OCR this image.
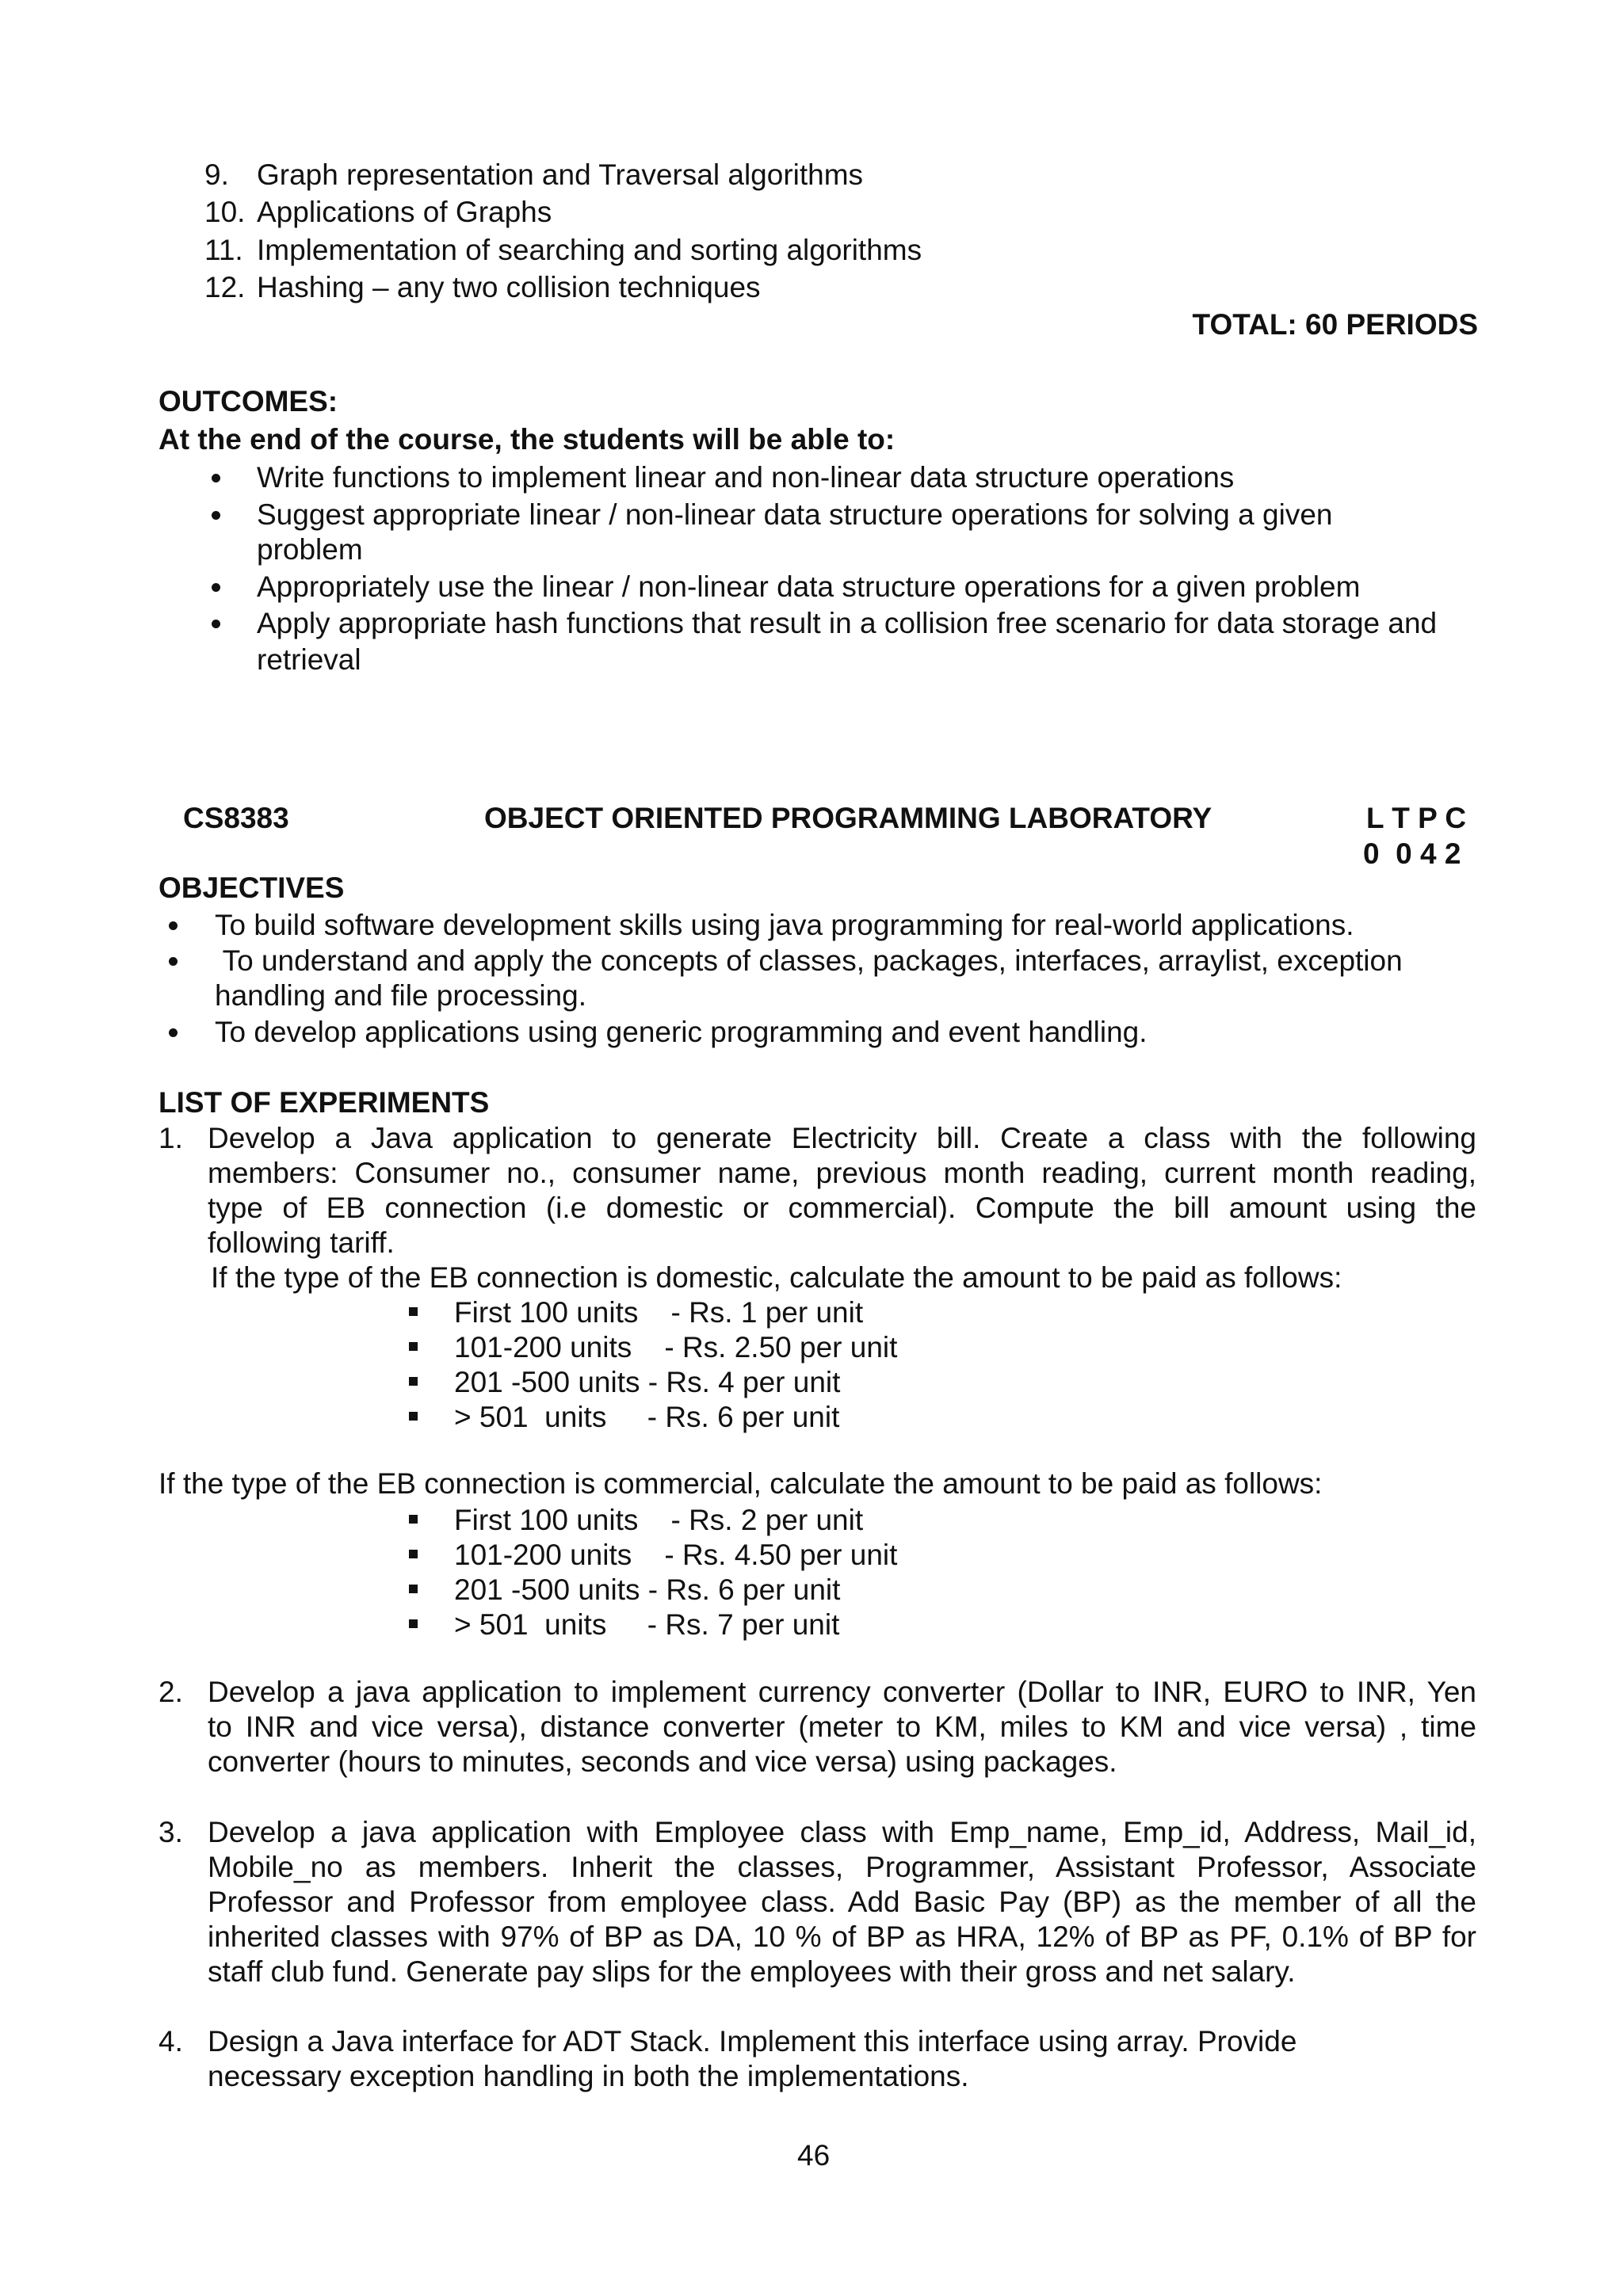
9. Graph representation and Traversal algorithms
10. Applications of Graphs
11. Implementation of searching and sorting algorithms
12. Hashing – any two collision techniques
TOTAL: 60 PERIODS
OUTCOMES:
At the end of the course, the students will be able to:
Write functions to implement linear and non-linear data structure operations
Suggest appropriate linear / non-linear data structure operations for solving a given
problem
Appropriately use the linear / non-linear data structure operations for a given problem
Apply appropriate hash functions that result in a collision free scenario for data storage and
retrieval
CS8383	OBJECT ORIENTED PROGRAMMING LABORATORY	L T P C
0  0 4 2
OBJECTIVES
To build software development skills using java programming for real-world applications.
To understand and apply the concepts of classes, packages, interfaces, arraylist, exception
handling and file processing.
To develop applications using generic programming and event handling.
LIST OF EXPERIMENTS
1. Develop a Java application to generate Electricity bill. Create a class with the following
members: Consumer no., consumer name, previous month reading, current month reading,
type of EB connection (i.e domestic or commercial). Compute the bill amount using the
following tariff.
If the type of the EB connection is domestic, calculate the amount to be paid as follows:
First 100 units    - Rs. 1 per unit
101-200 units    - Rs. 2.50 per unit
201 -500 units - Rs. 4 per unit
> 501  units     - Rs. 6 per unit
If the type of the EB connection is commercial, calculate the amount to be paid as follows:
First 100 units    - Rs. 2 per unit
101-200 units    - Rs. 4.50 per unit
201 -500 units - Rs. 6 per unit
> 501  units     - Rs. 7 per unit
2. Develop a java application to implement currency converter (Dollar to INR, EURO to INR, Yen
to INR and vice versa), distance converter (meter to KM, miles to KM and vice versa) , time
converter (hours to minutes, seconds and vice versa) using packages.
3. Develop a java application with Employee class with Emp_name, Emp_id, Address, Mail_id,
Mobile_no as members. Inherit the classes, Programmer, Assistant Professor, Associate
Professor and Professor from employee class. Add Basic Pay (BP) as the member of all the
inherited classes with 97% of BP as DA, 10 % of BP as HRA, 12% of BP as PF, 0.1% of BP for
staff club fund. Generate pay slips for the employees with their gross and net salary.
4. Design a Java interface for ADT Stack. Implement this interface using array. Provide
necessary exception handling in both the implementations.
46
